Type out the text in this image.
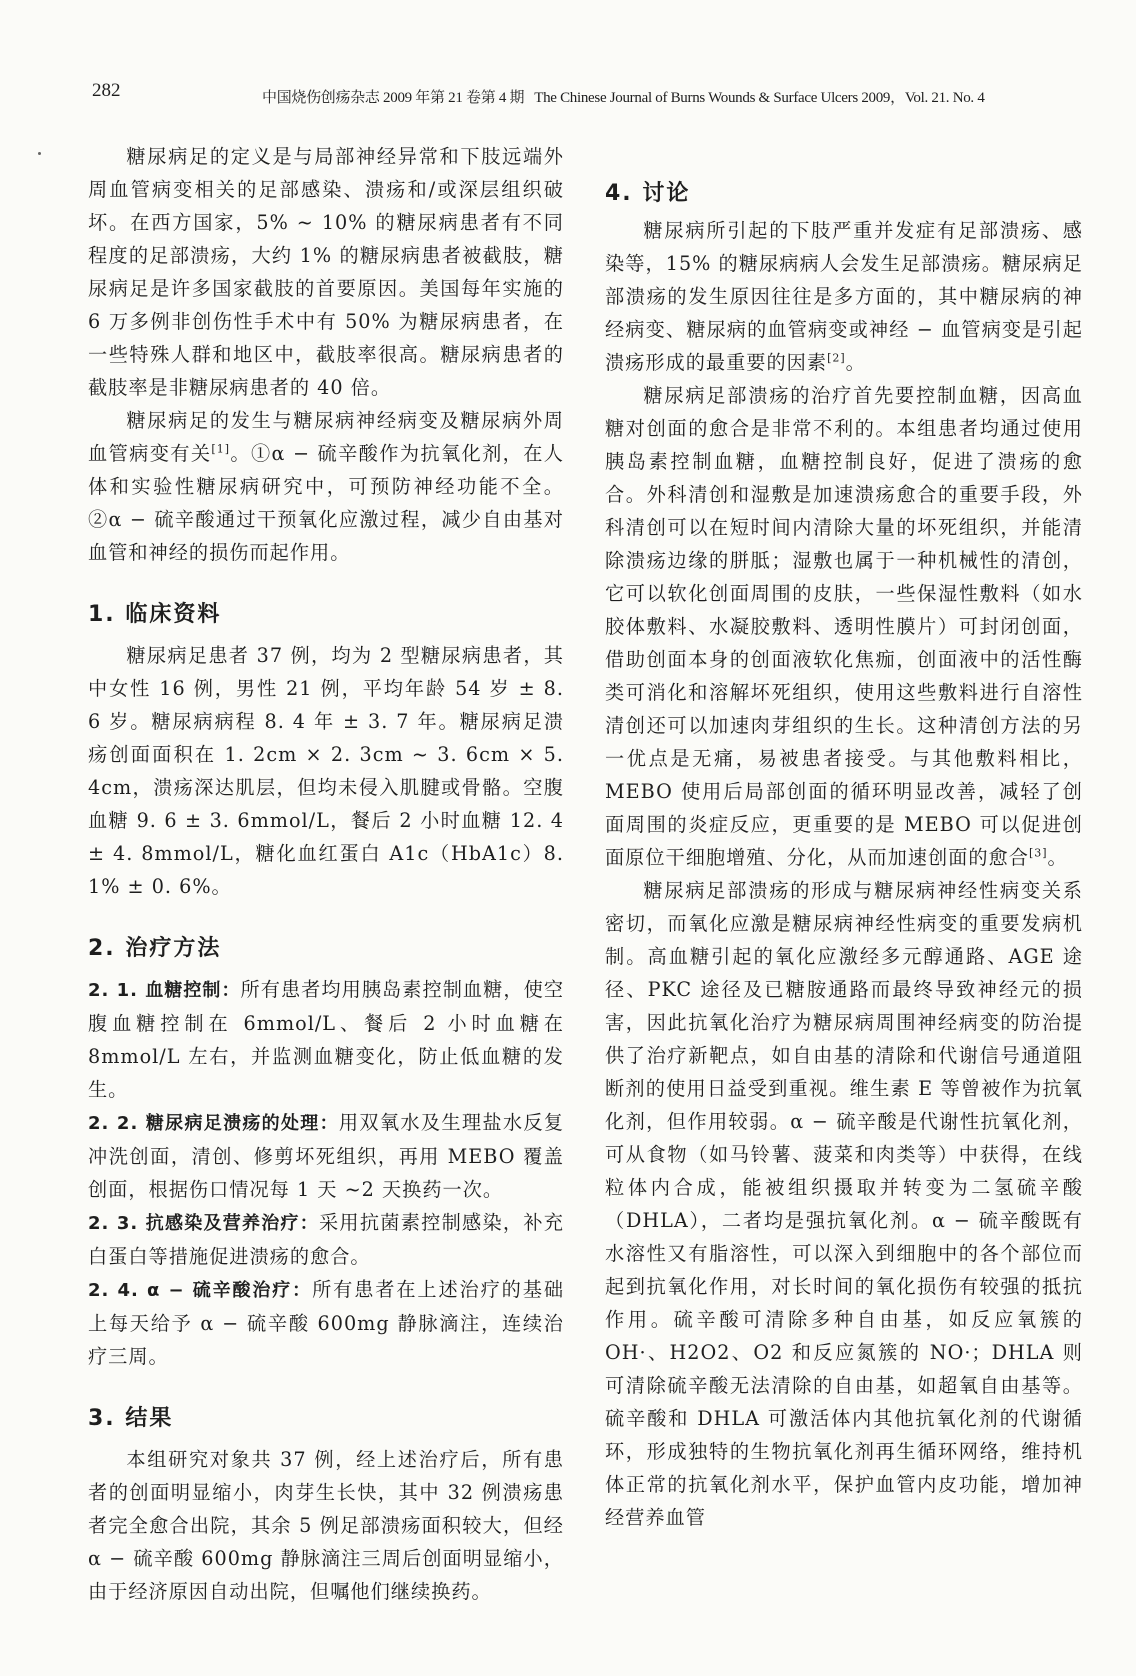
282	中国烧伤创疡杂志 2009 年第 21 卷第 4 期 The Chinese Journal of Burns Wounds & Surface Ulcers 2009，Vol. 21. No. 4

糖尿病足的定义是与局部神经异常和下肢远端外周血管病变相关的足部感染、溃疡和/或深层组织破坏。在西方国家，5% ~ 10% 的糖尿病患者有不同程度的足部溃疡，大约 1% 的糖尿病患者被截肢，糖尿病足是许多国家截肢的首要原因。美国每年实施的 6 万多例非创伤性手术中有 50% 为糖尿病患者，在一些特殊人群和地区中，截肢率很高。糖尿病患者的截肢率是非糖尿病患者的 40 倍。

糖尿病足的发生与糖尿病神经病变及糖尿病外周血管病变有关[1]。①α − 硫辛酸作为抗氧化剂，在人体和实验性糖尿病研究中，可预防神经功能不全。②α − 硫辛酸通过干预氧化应激过程，减少自由基对血管和神经的损伤而起作用。

1. 临床资料

糖尿病足患者 37 例，均为 2 型糖尿病患者，其中女性 16 例，男性 21 例，平均年龄 54 岁 ± 8. 6 岁。糖尿病病程 8. 4 年 ± 3. 7 年。糖尿病足溃疡创面面积在 1. 2cm × 2. 3cm ~ 3. 6cm × 5. 4cm，溃疡深达肌层，但均未侵入肌腱或骨骼。空腹血糖 9. 6 ± 3. 6mmol/L，餐后 2 小时血糖 12. 4 ± 4. 8mmol/L，糖化血红蛋白 A1c（HbA1c）8. 1% ± 0. 6%。

2. 治疗方法

2. 1. 血糖控制：所有患者均用胰岛素控制血糖，使空腹血糖控制在 6mmol/L、餐后 2 小时血糖在 8mmol/L 左右，并监测血糖变化，防止低血糖的发生。

2. 2. 糖尿病足溃疡的处理：用双氧水及生理盐水反复冲洗创面，清创、修剪坏死组织，再用 MEBO 覆盖创面，根据伤口情况每 1 天 ~2 天换药一次。

2. 3. 抗感染及营养治疗：采用抗菌素控制感染，补充白蛋白等措施促进溃疡的愈合。

2. 4. α − 硫辛酸治疗：所有患者在上述治疗的基础上每天给予 α − 硫辛酸 600mg 静脉滴注，连续治疗三周。

3. 结果

本组研究对象共 37 例，经上述治疗后，所有患者的创面明显缩小，肉芽生长快，其中 32 例溃疡患者完全愈合出院，其余 5 例足部溃疡面积较大，但经 α − 硫辛酸 600mg 静脉滴注三周后创面明显缩小，由于经济原因自动出院，但嘱他们继续换药。

4. 讨论

糖尿病所引起的下肢严重并发症有足部溃疡、感染等，15% 的糖尿病病人会发生足部溃疡。糖尿病足部溃疡的发生原因往往是多方面的，其中糖尿病的神经病变、糖尿病的血管病变或神经 − 血管病变是引起溃疡形成的最重要的因素[2]。

糖尿病足部溃疡的治疗首先要控制血糖，因高血糖对创面的愈合是非常不利的。本组患者均通过使用胰岛素控制血糖，血糖控制良好，促进了溃疡的愈合。外科清创和湿敷是加速溃疡愈合的重要手段，外科清创可以在短时间内清除大量的坏死组织，并能清除溃疡边缘的胼胝；湿敷也属于一种机械性的清创，它可以软化创面周围的皮肤，一些保湿性敷料（如水胶体敷料、水凝胶敷料、透明性膜片）可封闭创面，借助创面本身的创面液软化焦痂，创面液中的活性酶类可消化和溶解坏死组织，使用这些敷料进行自溶性清创还可以加速肉芽组织的生长。这种清创方法的另一优点是无痛，易被患者接受。与其他敷料相比，MEBO 使用后局部创面的循环明显改善，减轻了创面周围的炎症反应，更重要的是 MEBO 可以促进创面原位干细胞增殖、分化，从而加速创面的愈合[3]。

糖尿病足部溃疡的形成与糖尿病神经性病变关系密切，而氧化应激是糖尿病神经性病变的重要发病机制。高血糖引起的氧化应激经多元醇通路、AGE 途径、PKC 途径及已糖胺通路而最终导致神经元的损害，因此抗氧化治疗为糖尿病周围神经病变的防治提供了治疗新靶点，如自由基的清除和代谢信号通道阻断剂的使用日益受到重视。维生素 E 等曾被作为抗氧化剂，但作用较弱。α − 硫辛酸是代谢性抗氧化剂，可从食物（如马铃薯、菠菜和肉类等）中获得，在线粒体内合成，能被组织摄取并转变为二氢硫辛酸（DHLA），二者均是强抗氧化剂。α − 硫辛酸既有水溶性又有脂溶性，可以深入到细胞中的各个部位而起到抗氧化作用，对长时间的氧化损伤有较强的抵抗作用。硫辛酸可清除多种自由基，如反应氧簇的 OH·、H2O2、O2 和反应氮簇的 NO·；DHLA 则可清除硫辛酸无法清除的自由基，如超氧自由基等。硫辛酸和 DHLA 可激活体内其他抗氧化剂的代谢循环，形成独特的生物抗氧化剂再生循环网络，维持机体正常的抗氧化剂水平，保护血管内皮功能，增加神经营养血管
